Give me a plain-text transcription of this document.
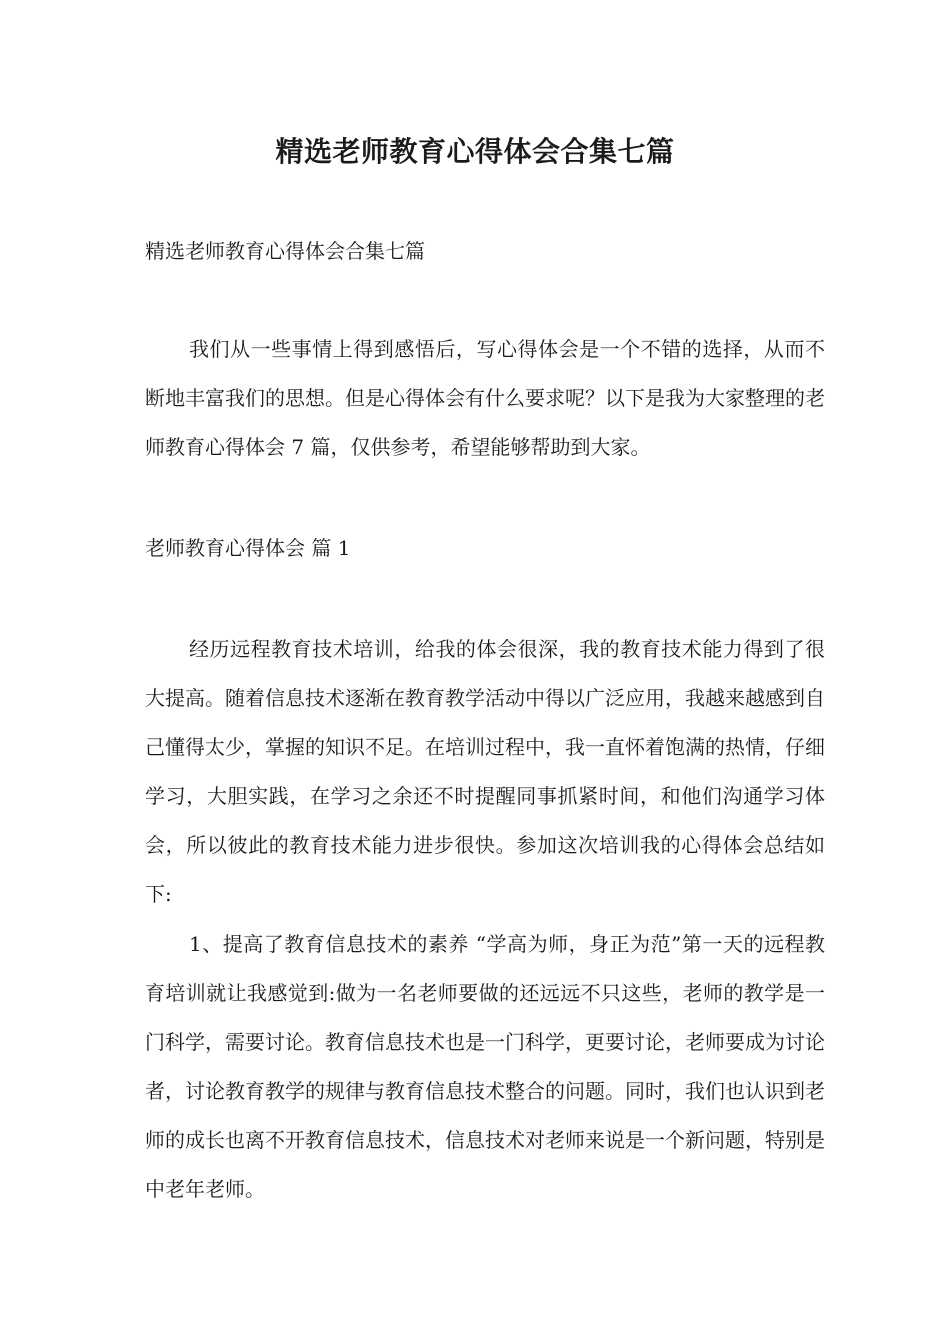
精选老师教育心得体会合集七篇
精选老师教育心得体会合集七篇

我们从一些事情上得到感悟后，写心得体会是一个不错的选择，从而不断地丰富我们的思想。但是心得体会有什么要求呢？以下是我为大家整理的老师教育心得体会 7 篇，仅供参考，希望能够帮助到大家。

老师教育心得体会 篇 1

经历远程教育技术培训，给我的体会很深，我的教育技术能力得到了很大提高。随着信息技术逐渐在教育教学活动中得以广泛应用，我越来越感到自己懂得太少，掌握的知识不足。在培训过程中，我一直怀着饱满的热情，仔细学习，大胆实践，在学习之余还不时提醒同事抓紧时间，和他们沟通学习体会，所以彼此的教育技术能力进步很快。参加这次培训我的心得体会总结如下:

1、提高了教育信息技术的素养 “学高为师，身正为范”第一天的远程教育培训就让我感觉到:做为一名老师要做的还远远不只这些，老师的教学是一门科学，需要讨论。教育信息技术也是一门科学，更要讨论，老师要成为讨论者，讨论教育教学的规律与教育信息技术整合的问题。同时，我们也认识到老师的成长也离不开教育信息技术，信息技术对老师来说是一个新问题，特别是中老年老师。
